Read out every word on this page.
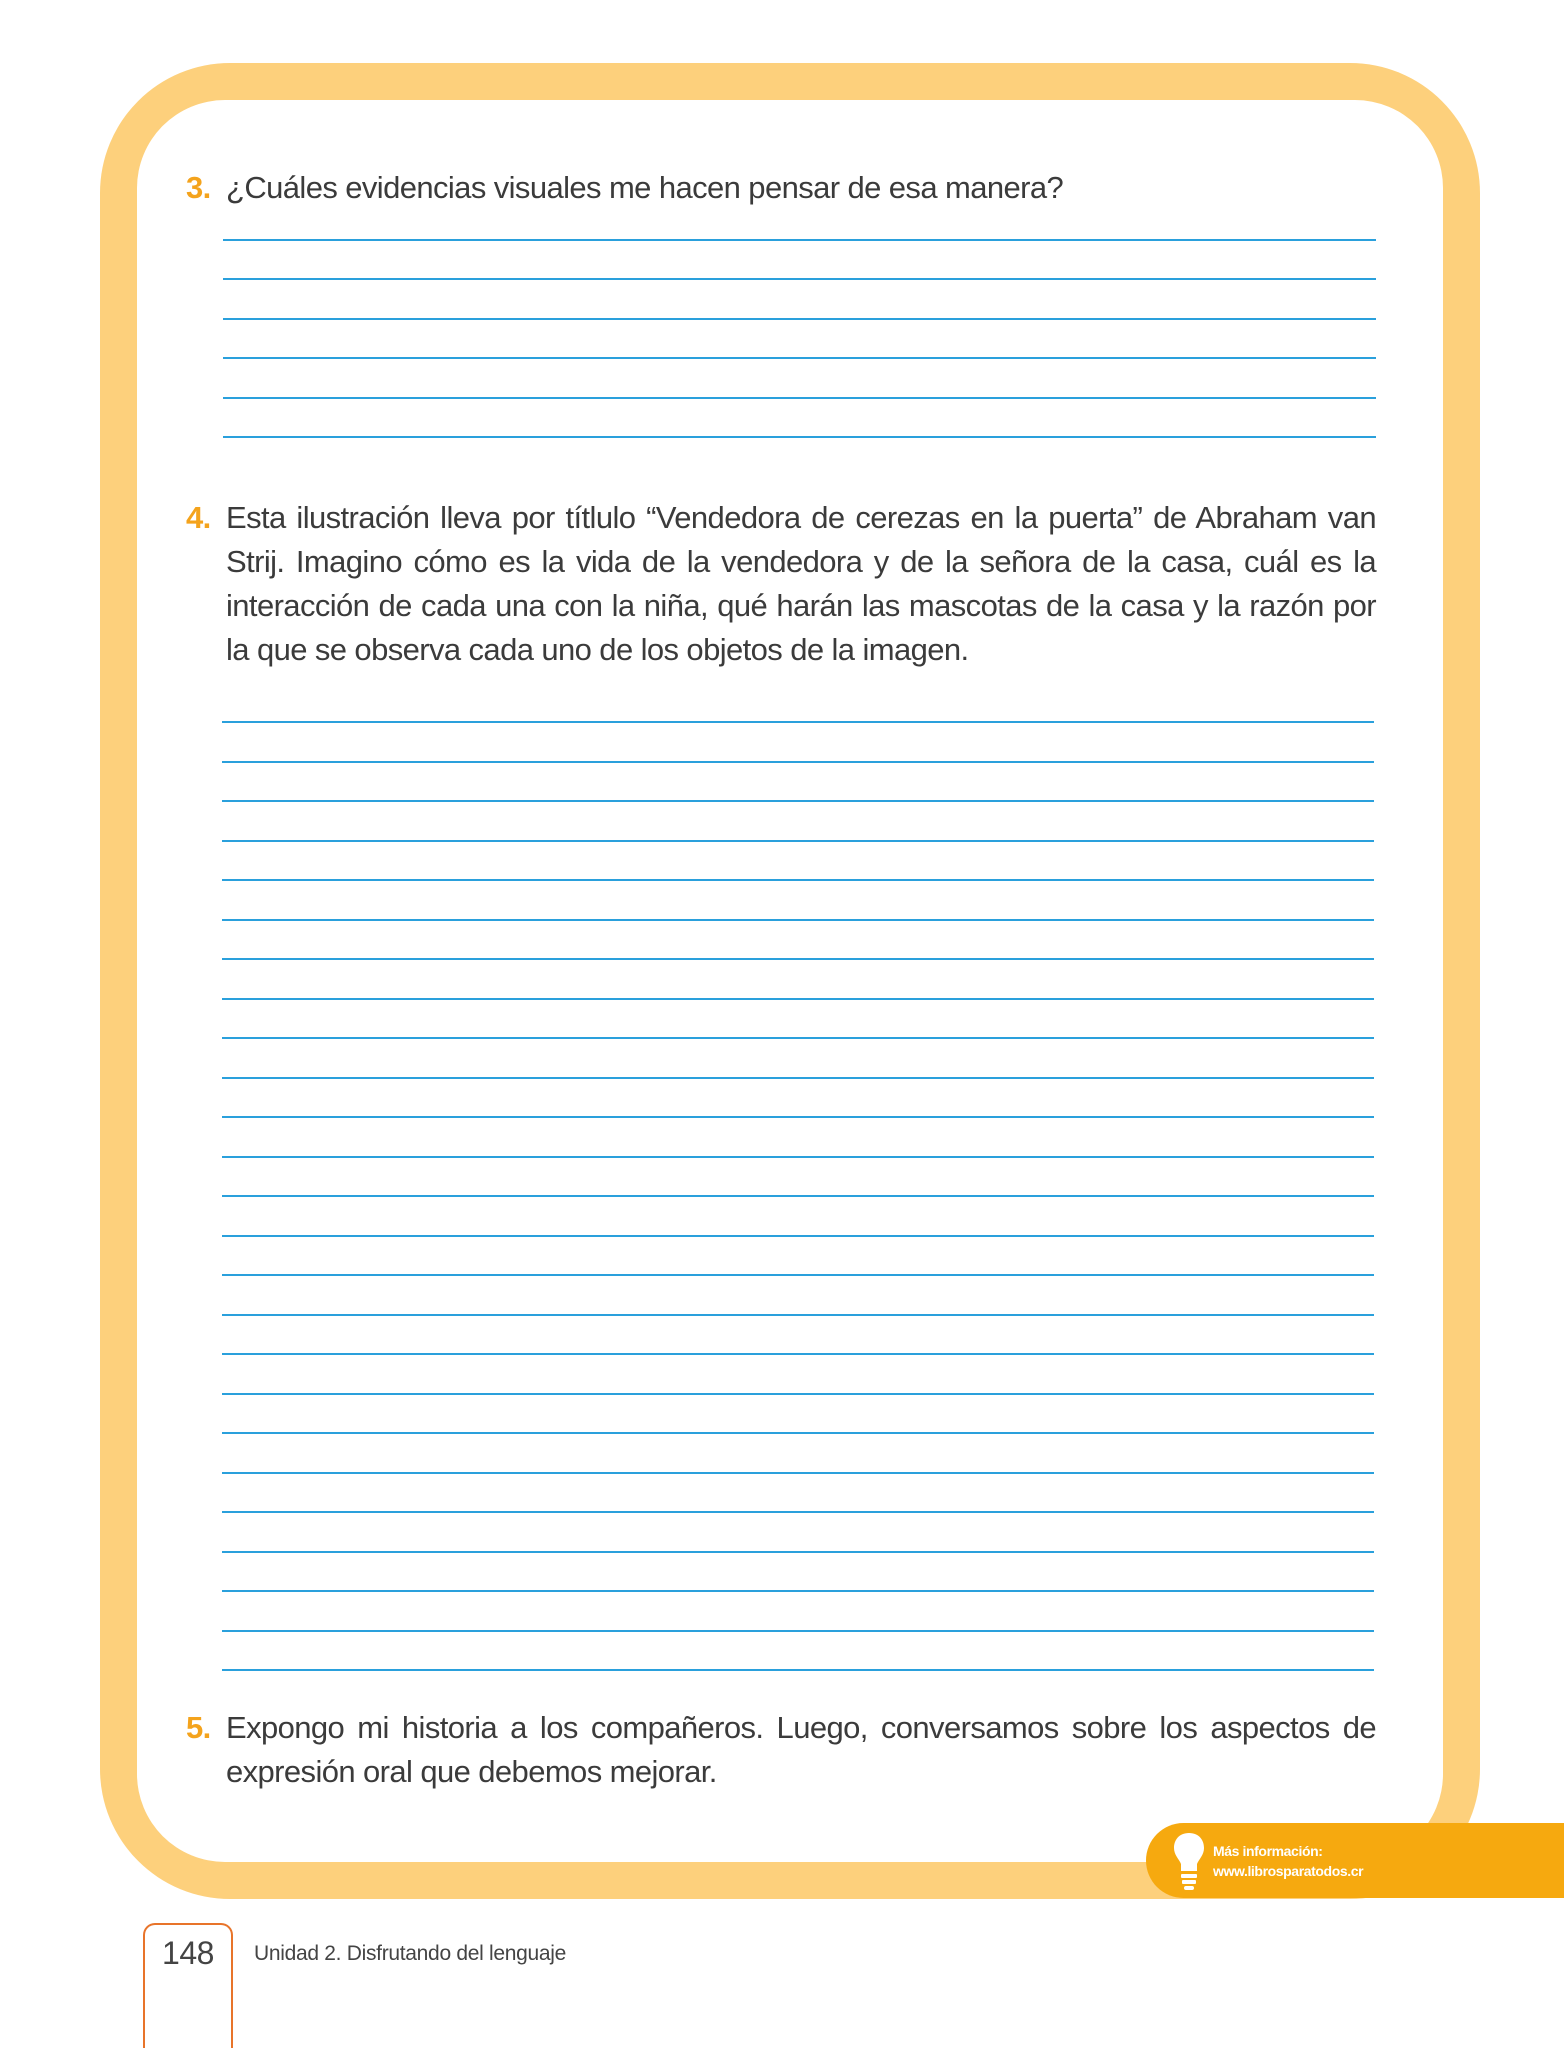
3. ¿Cuáles evidencias visuales me hacen pensar de esa manera?
4. Esta ilustración lleva por títlulo “Vendedora de cerezas en la puerta” de Abraham van Strij. Imagino cómo es la vida de la vendedora y de la señora de la casa, cuál es la interacción de cada una con la niña, qué harán las mascotas de la casa y la razón por la que se observa cada uno de los objetos de la imagen.
5. Expongo mi historia a los compañeros. Luego, conversamos sobre los aspectos de expresión oral que debemos mejorar.
Más información:
www.librosparatodos.cr
148	Unidad 2. Disfrutando del lenguaje
